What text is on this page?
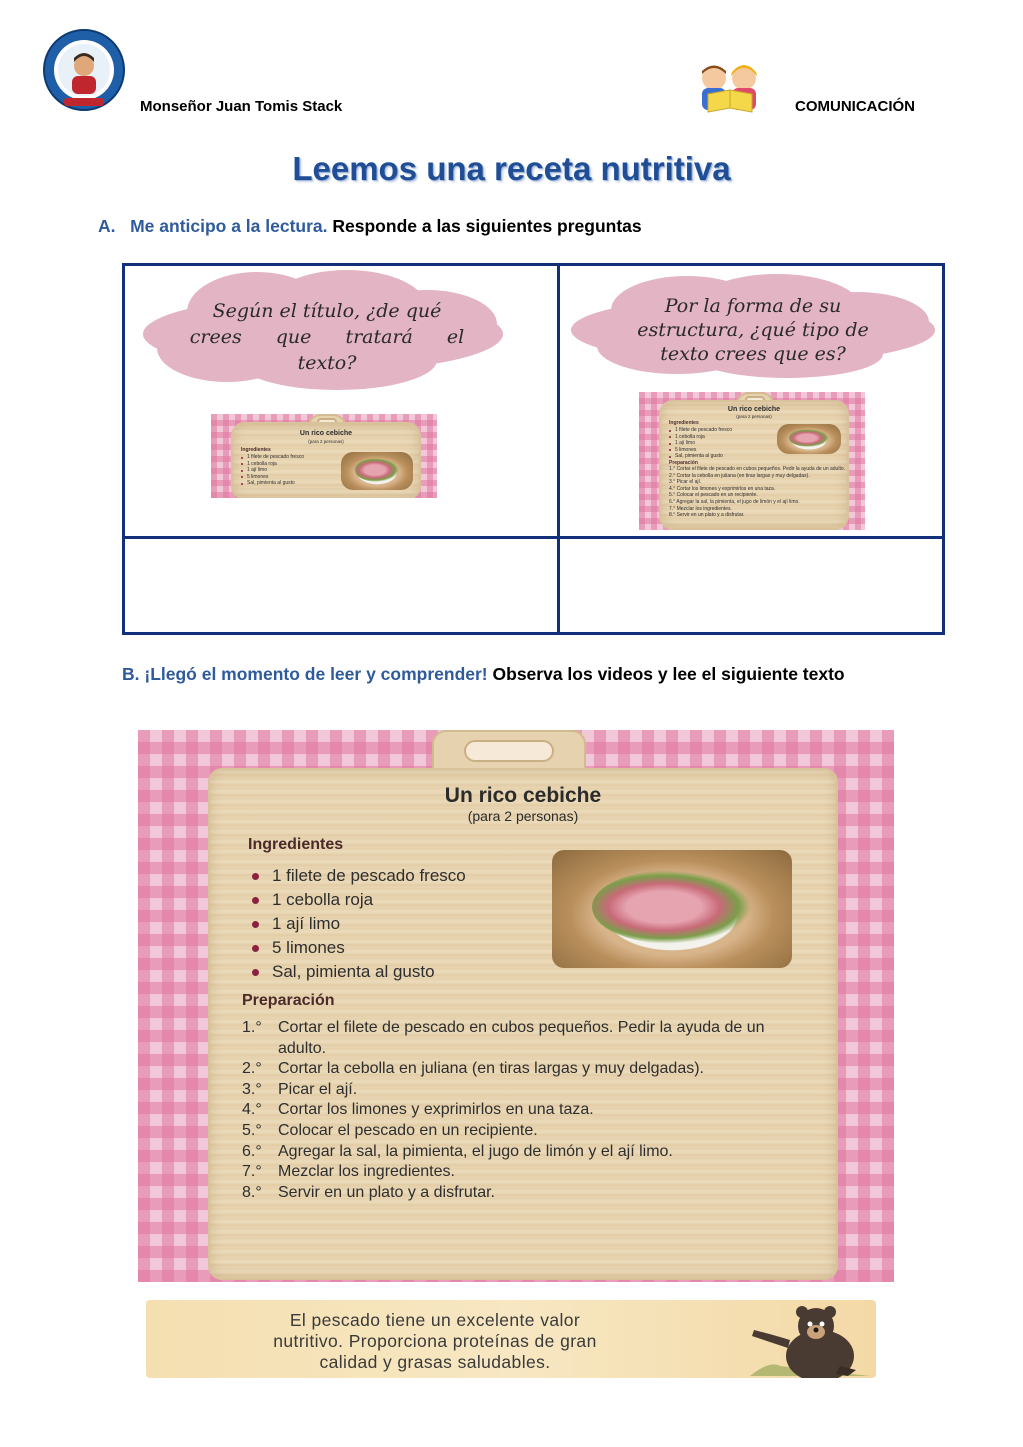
Monseñor Juan Tomis Stack	COMUNICACIÓN
Leemos una receta nutritiva
A. Me anticipo a la lectura. Responde a las siguientes preguntas
Según el título, ¿de qué
crees que tratará el
texto?
Un rico cebiche
(para 2 personas)
Ingredientes
1 filete de pescado fresco
1 cebolla roja
1 ají limo
5 limones
Sal, pimienta al gusto
Por la forma de su
estructura, ¿qué tipo de
texto crees que es?
Un rico cebiche
(para 2 personas)
Ingredientes
1 filete de pescado fresco
1 cebolla roja
1 ají limo
5 limones
Sal, pimienta al gusto
Preparación
1.° Cortar el filete de pescado en cubos pequeños. Pedir la ayuda de un adulto.
2.° Cortar la cebolla en juliana (en tiras largas y muy delgadas).
3.° Picar el ají.
4.° Cortar los limones y exprimirlos en una taza.
5.° Colocar el pescado en un recipiente.
6.° Agregar la sal, la pimienta, el jugo de limón y el ají limo.
7.° Mezclar los ingredientes.
8.° Servir en un plato y a disfrutar.
B. ¡Llegó el momento de leer y comprender! Observa los videos y lee el siguiente texto
Un rico cebiche
(para 2 personas)
Ingredientes
1 filete de pescado fresco
1 cebolla roja
1 ají limo
5 limones
Sal, pimienta al gusto
Preparación
1.° Cortar el filete de pescado en cubos pequeños. Pedir la ayuda de un adulto.
2.° Cortar la cebolla en juliana (en tiras largas y muy delgadas).
3.° Picar el ají.
4.° Cortar los limones y exprimirlos en una taza.
5.° Colocar el pescado en un recipiente.
6.° Agregar la sal, la pimienta, el jugo de limón y el ají limo.
7.° Mezclar los ingredientes.
8.° Servir en un plato y a disfrutar.
El pescado tiene un excelente valor
nutritivo. Proporciona proteínas de gran
calidad y grasas saludables.
